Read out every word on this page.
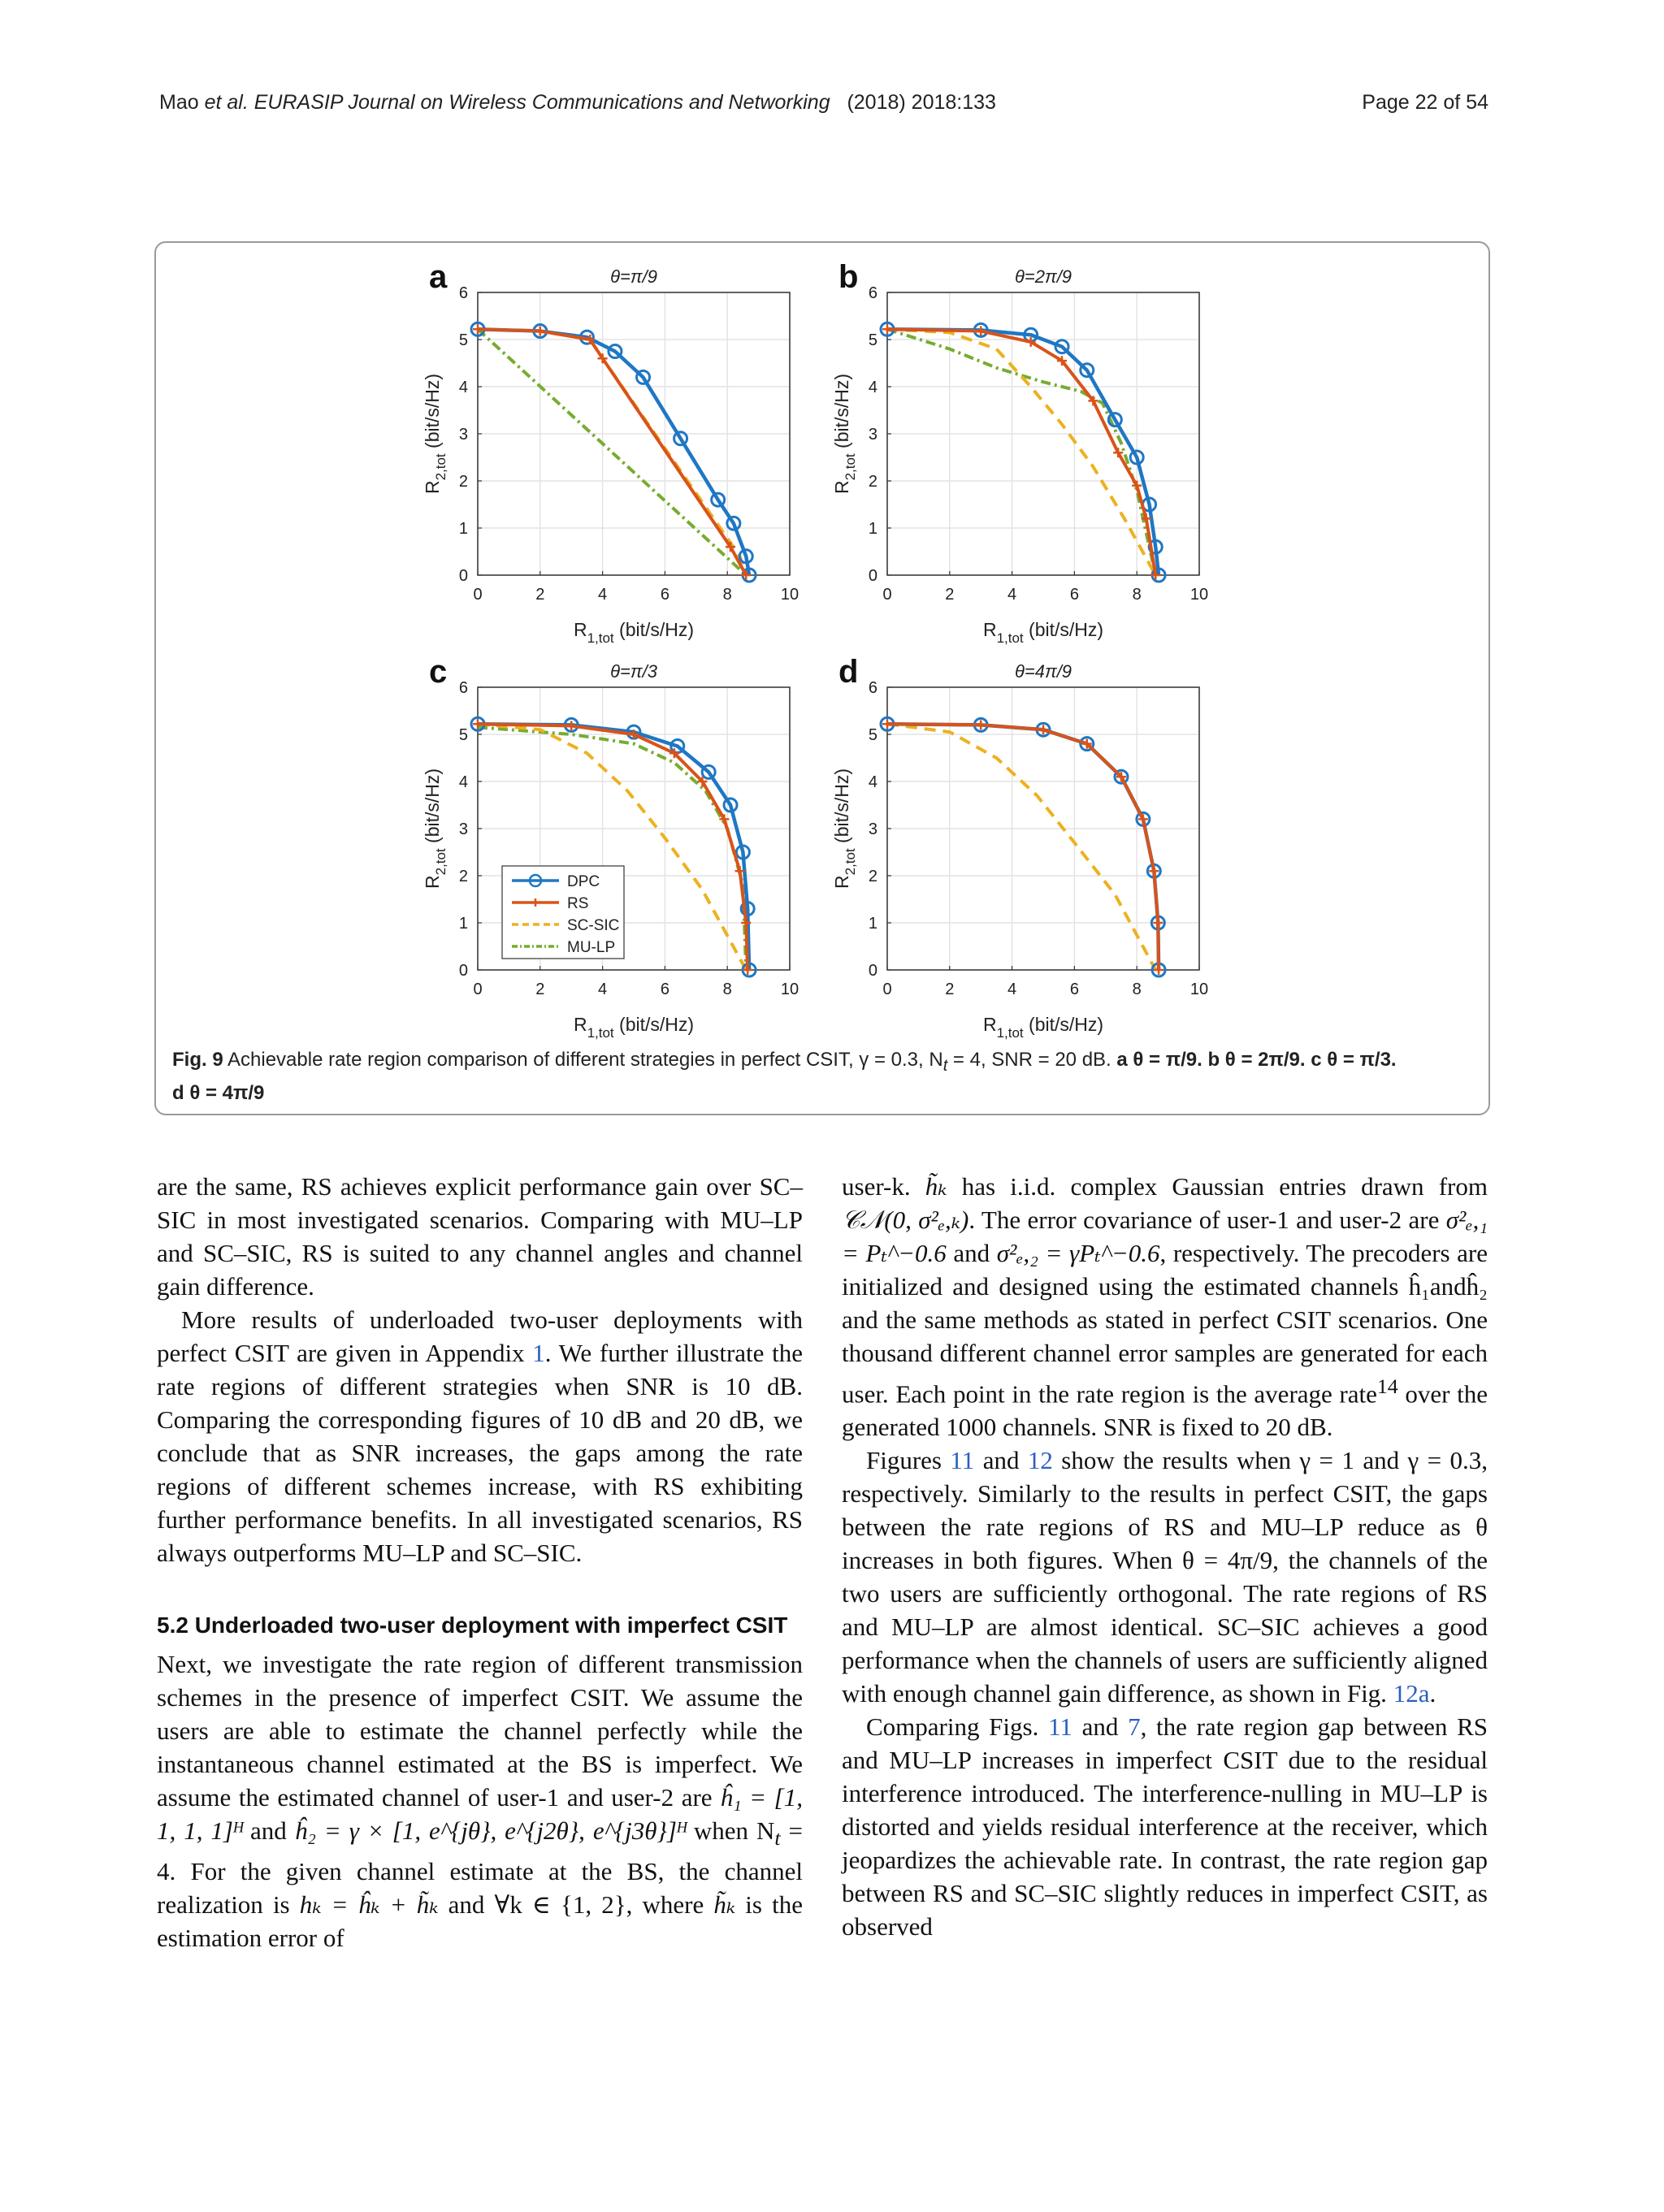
Mao et al. EURASIP Journal on Wireless Communications and Networking (2018) 2018:133	Page 22 of 54
0	2	4	6	8	10
0
1
2
3
4
5
6
a	θ=π/9
$R_{1,tot}$ (bit/s/Hz)
$R_{2,tot}$ (bit/s/Hz)
0	2	4	6	8	10
0
1
2
3
4
5
6
b	θ=2π/9
$R_{1,tot}$ (bit/s/Hz)
$R_{2,tot}$ (bit/s/Hz)
0	2	4	6	8	10
0
1
2
3
4
5
6
c	θ=π/3
$R_{1,tot}$ (bit/s/Hz)
$R_{2,tot}$ (bit/s/Hz)
DPC
RS
SC-SIC
MU-LP
0	2	4	6	8	10
0
1
2
3
4
5
6
d	θ=4π/9
$R_{1,tot}$ (bit/s/Hz)
$R_{2,tot}$ (bit/s/Hz)
Fig. 9 Achievable rate region comparison of different strategies in perfect CSIT, γ = 0.3, $N_t = 4$, SNR = 20 dB. a θ = π/9. b θ = 2π/9. c θ = π/3.
d θ = 4π/9

are the same, RS achieves explicit performance gain over SC–SIC in most investigated scenarios. Comparing with MU–LP and SC–SIC, RS is suited to any channel angles and channel gain difference.

More results of underloaded two-user deployments with perfect CSIT are given in Appendix 1. We further illustrate the rate regions of different strategies when SNR is 10 dB. Comparing the corresponding figures of 10 dB and 20 dB, we conclude that as SNR increases, the gaps among the rate regions of different schemes increase, with RS exhibiting further performance benefits. In all investigated scenarios, RS always outperforms MU–LP and SC–SIC.

5.2 Underloaded two-user deployment with imperfect CSIT

Next, we investigate the rate region of different transmission schemes in the presence of imperfect CSIT. We assume the users are able to estimate the channel perfectly while the instantaneous channel estimated at the BS is imperfect. We assume the estimated channel of user-1 and user-2 are ĥ₁ = [1, 1, 1, 1]ᴴ and ĥ₂ = γ × [1, e^{jθ}, e^{j2θ}, e^{j3θ}]ᴴ when $N_t = 4$. For the given channel estimate at the BS, the channel realization is hₖ = ĥₖ + h̃ₖ and ∀k ∈ {1, 2}, where h̃ₖ is the estimation error of

user-k. h̃ₖ has i.i.d. complex Gaussian entries drawn from 𝒞𝒩(0, σ²ₑ,ₖ). The error covariance of user-1 and user-2 are σ²ₑ,₁ = Pₜ^−0.6 and σ²ₑ,₂ = γPₜ^−0.6, respectively. The precoders are initialized and designed using the estimated channels ĥ₁andĥ₂ and the same methods as stated in perfect CSIT scenarios. One thousand different channel error samples are generated for each user. Each point in the rate region is the average rate$^{14}$ over the generated 1000 channels. SNR is fixed to 20 dB.

Figures 11 and 12 show the results when γ = 1 and γ = 0.3, respectively. Similarly to the results in perfect CSIT, the gaps between the rate regions of RS and MU–LP reduce as θ increases in both figures. When θ = 4π/9, the channels of the two users are sufficiently orthogonal. The rate regions of RS and MU–LP are almost identical. SC–SIC achieves a good performance when the channels of users are sufficiently aligned with enough channel gain difference, as shown in Fig. 12a.

Comparing Figs. 11 and 7, the rate region gap between RS and MU–LP increases in imperfect CSIT due to the residual interference introduced. The interference-nulling in MU–LP is distorted and yields residual interference at the receiver, which jeopardizes the achievable rate. In contrast, the rate region gap between RS and SC–SIC slightly reduces in imperfect CSIT, as observed
